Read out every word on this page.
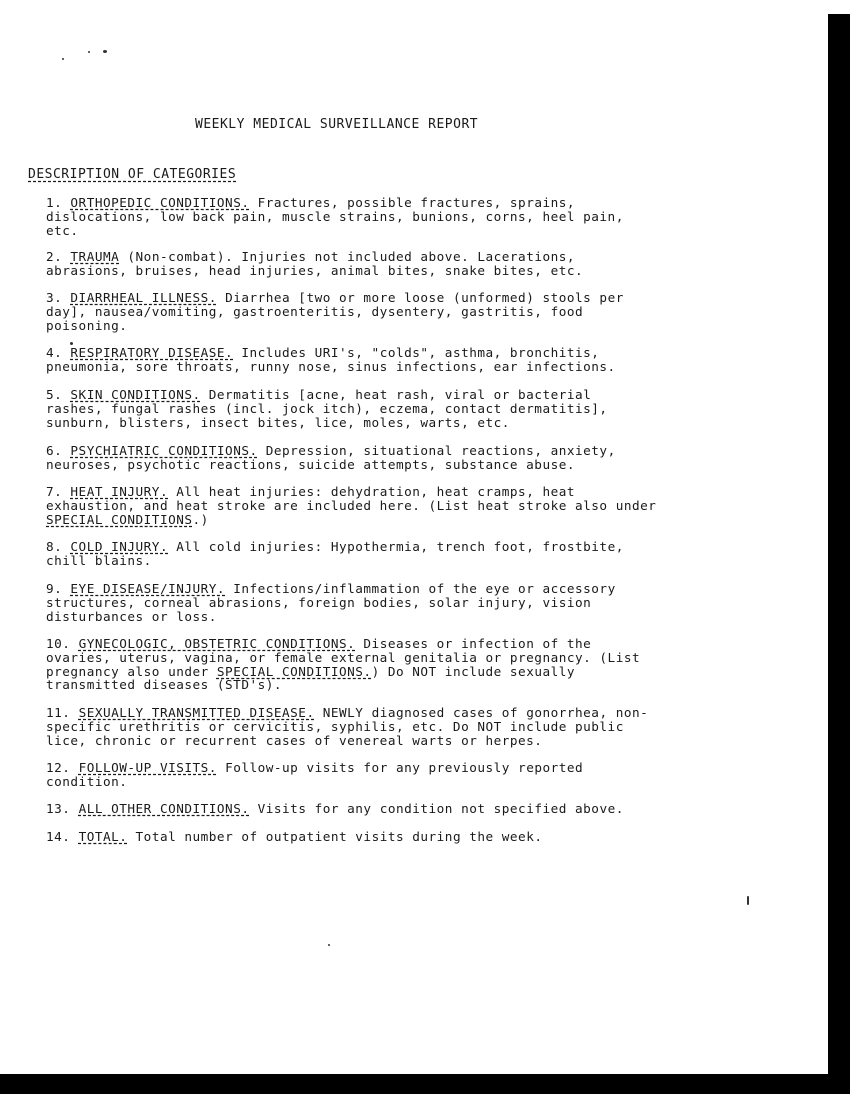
WEEKLY MEDICAL SURVEILLANCE REPORT
DESCRIPTION OF CATEGORIES
1. ORTHOPEDIC CONDITIONS. Fractures, possible fractures, sprains,
dislocations, low back pain, muscle strains, bunions, corns, heel pain,
etc.
2. TRAUMA (Non-combat). Injuries not included above. Lacerations,
abrasions, bruises, head injuries, animal bites, snake bites, etc.
3. DIARRHEAL ILLNESS. Diarrhea [two or more loose (unformed) stools per
day], nausea/vomiting, gastroenteritis, dysentery, gastritis, food
poisoning.
4. RESPIRATORY DISEASE. Includes URI's, "colds", asthma, bronchitis,
pneumonia, sore throats, runny nose, sinus infections, ear infections.
5. SKIN CONDITIONS. Dermatitis [acne, heat rash, viral or bacterial
rashes, fungal rashes (incl. jock itch), eczema, contact dermatitis],
sunburn, blisters, insect bites, lice, moles, warts, etc.
6. PSYCHIATRIC CONDITIONS. Depression, situational reactions, anxiety,
neuroses, psychotic reactions, suicide attempts, substance abuse.
7. HEAT INJURY. All heat injuries: dehydration, heat cramps, heat
exhaustion, and heat stroke are included here. (List heat stroke also under
SPECIAL CONDITIONS.)
8. COLD INJURY. All cold injuries: Hypothermia, trench foot, frostbite,
chill blains.
9. EYE DISEASE/INJURY. Infections/inflammation of the eye or accessory
structures, corneal abrasions, foreign bodies, solar injury, vision
disturbances or loss.
10. GYNECOLOGIC, OBSTETRIC CONDITIONS. Diseases or infection of the
ovaries, uterus, vagina, or female external genitalia or pregnancy. (List
pregnancy also under SPECIAL CONDITIONS.) Do NOT include sexually
transmitted diseases (STD's).
11. SEXUALLY TRANSMITTED DISEASE. NEWLY diagnosed cases of gonorrhea, non-
specific urethritis or cervicitis, syphilis, etc. Do NOT include public
lice, chronic or recurrent cases of venereal warts or herpes.
12. FOLLOW-UP VISITS. Follow-up visits for any previously reported
condition.
13. ALL OTHER CONDITIONS. Visits for any condition not specified above.
14. TOTAL. Total number of outpatient visits during the week.
